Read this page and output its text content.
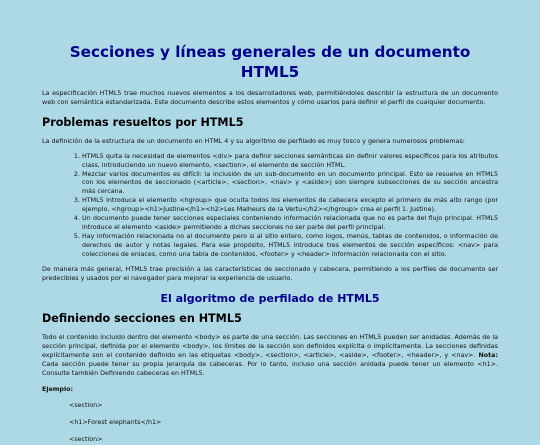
Secciones y líneas generales de un documento HTML5

La especificación HTML5 trae muchos nuevos elementos a los desarrolladores web, permitiéndoles describir la estructura de un documento web con semántica estandarizada. Este documento describe estos elementos y cómo usarlos para definir el perfil de cualquier documento.

Problemas resueltos por HTML5

La definición de la estructura de un documento en HTML 4 y su algoritmo de perfilado es muy tosco y genera numerosos problemas:

1. HTML5 quita la necesidad de elementos <div> para definir secciones semánticas sin definir valores específicos para los atributos class, introduciendo un nuevo elemento, <section>, el elemento de sección HTML.
2. Mezclar varios documentos es difícil: la inclusión de un sub-documento en un documento principal. Esto se resuelve en HTML5 con los elementos de seccionado (<article>, <section>, <nav> y <aside>) son siempre subsecciones de su sección ancestra más cercana.
3. HTML5 introduce el elemento <hgroup> que oculta todos los elementos de cabecera excepto el primero de más alto rango (por ejemplo, <hgroup><h1>Justine</h1><h2>Les Malheurs de la Vertu</h2></hgroup> crea el perfil 1. Justine).
4. Un documento puede tener secciones especiales conteniendo información relacionada que no es parte del flujo principal. HTML5 introduce el elemento <aside> permitiendo a dichas secciones no ser parte del perfil principal.
5. Hay información relacionada no al documento pero si al sitio entero, como logos, menús, tablas de contenidos, o información de derechos de autor y notas legales. Para ese propósito, HTML5 introduce tres elementos de sección específicos: <nav> para colecciones de enlaces, como una tabla de contenidos, <footer> y <header> información relacionada con el sitio.

De manera más general, HTML5 trae precisión a las características de seccionado y cabecera, permitiendo a los perfiles de documento ser predecibles y usados por el navegador para mejorar la experiencia de usuario.

El algoritmo de perfilado de HTML5
Definiendo secciones en HTML5

Todo el contenido incluido dentro del elemento <body> es parte de una sección. Las secciones en HTML5 pueden ser anidadas. Además de la sección principal, definida por el elemento <body>, los límites de la sección son definidos explícita o implícitamente. La secciones definidas explícitamente son el contenido definido en las etiquetas <body>, <section>, <article>, <aside>, <footer>, <header>, y <nav>. Nota: Cada sección puede tener su propia jerarquía de cabeceras. Por lo tanto, incluso una sección anidada puede tener un elemento <h1>. Consulte también Definiendo cabeceras en HTML5.

Ejemplo:

<section>
<h1>Forest elephants</h1>
<section>
